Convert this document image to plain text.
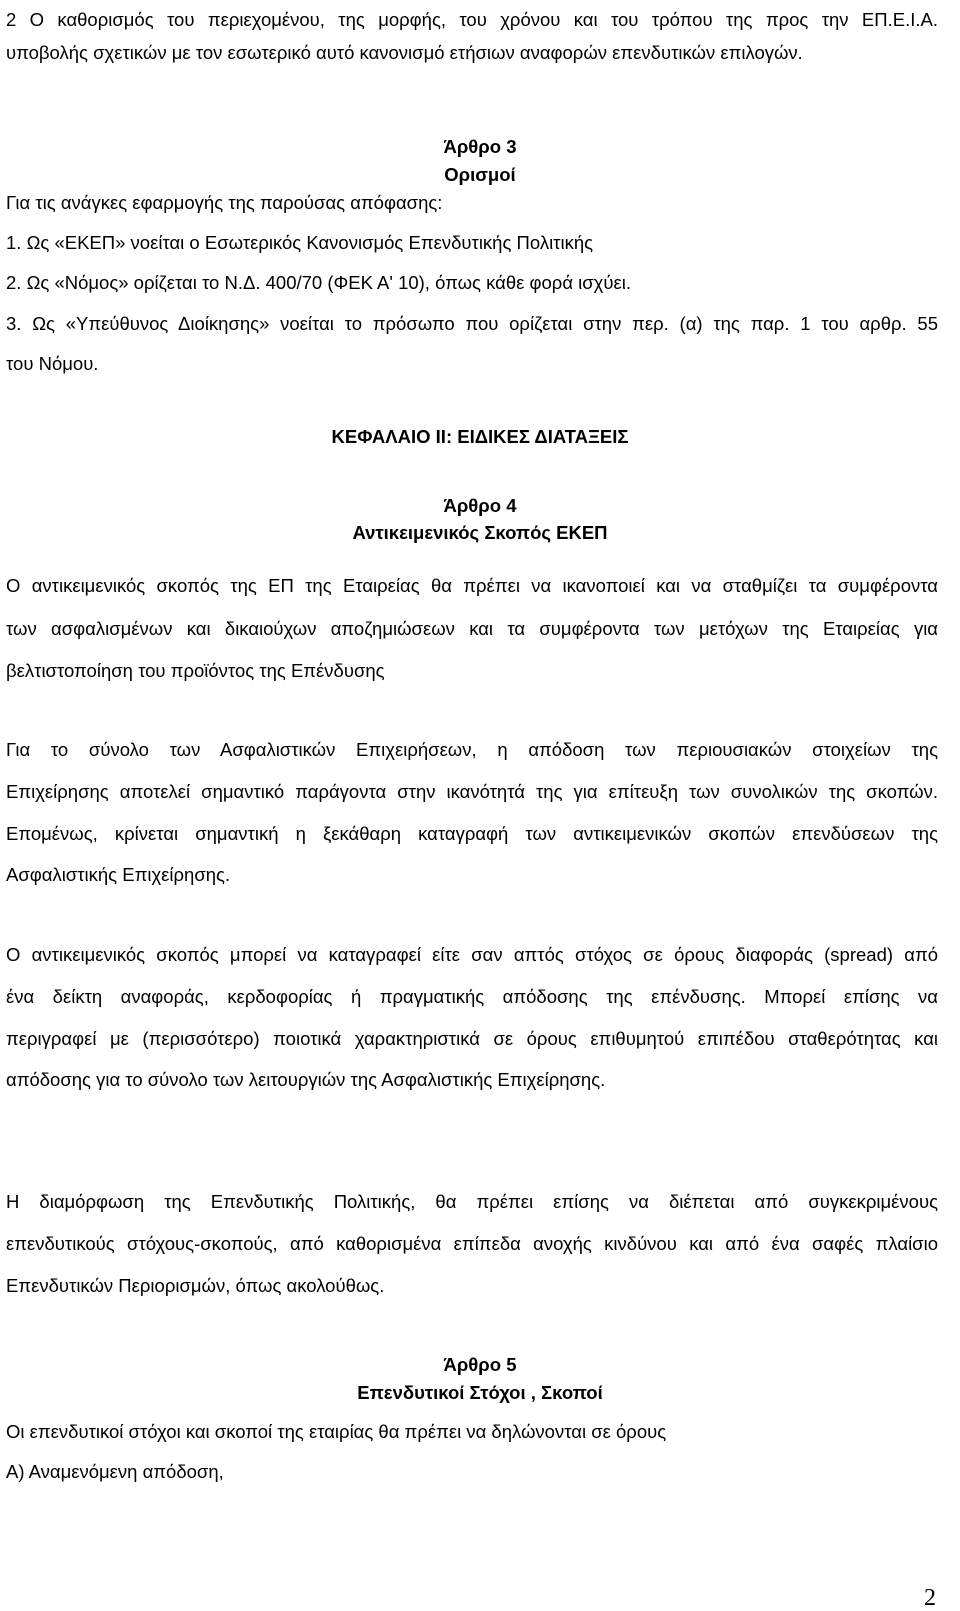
2 Ο καθορισμός του περιεχομένου, της μορφής, του χρόνου και του τρόπου της προς την ΕΠ.Ε.Ι.Α.
υποβολής σχετικών με τον εσωτερικό αυτό κανονισμό ετήσιων αναφορών επενδυτικών επιλογών.
Άρθρο 3
Ορισμοί
Για τις ανάγκες εφαρμογής της παρούσας απόφασης:
1. Ως «ΕΚΕΠ» νοείται ο Εσωτερικός Κανονισμός Επενδυτικής Πολιτικής
2. Ως «Νόμος» ορίζεται το Ν.Δ. 400/70 (ΦΕΚ Α' 10), όπως κάθε φορά ισχύει.
3. Ως «Υπεύθυνος Διοίκησης» νοείται το πρόσωπο που ορίζεται στην περ. (α) της παρ. 1 του αρθρ. 55
του Νόμου.
ΚΕΦΑΛΑΙΟ ΙΙ: ΕΙΔΙΚΕΣ ΔΙΑΤΑΞΕΙΣ
Άρθρο 4
Αντικειμενικός Σκοπός ΕΚΕΠ
Ο αντικειμενικός σκοπός της ΕΠ της Εταιρείας θα πρέπει να ικανοποιεί και να σταθμίζει τα συμφέροντα
των ασφαλισμένων και δικαιούχων αποζημιώσεων και τα συμφέροντα των μετόχων της Εταιρείας για
βελτιστοποίηση του προϊόντος της Επένδυσης
Για το σύνολο των Ασφαλιστικών Επιχειρήσεων, η απόδοση των περιουσιακών στοιχείων της
Επιχείρησης αποτελεί σημαντικό παράγοντα στην ικανότητά της για επίτευξη των συνολικών της σκοπών.
Επομένως, κρίνεται σημαντική η ξεκάθαρη καταγραφή των αντικειμενικών σκοπών επενδύσεων της
Ασφαλιστικής Επιχείρησης.
Ο αντικειμενικός σκοπός μπορεί να καταγραφεί είτε σαν απτός στόχος σε όρους διαφοράς (spread) από
ένα δείκτη αναφοράς, κερδοφορίας ή πραγματικής απόδοσης της επένδυσης. Μπορεί επίσης να
περιγραφεί με (περισσότερο) ποιοτικά χαρακτηριστικά σε όρους επιθυμητού επιπέδου σταθερότητας και
απόδοσης για το σύνολο των λειτουργιών της Ασφαλιστικής Επιχείρησης.
Η διαμόρφωση της Επενδυτικής Πολιτικής, θα πρέπει επίσης να διέπεται από συγκεκριμένους
επενδυτικούς στόχους-σκοπούς, από καθορισμένα επίπεδα ανοχής κινδύνου και από ένα σαφές πλαίσιο
Επενδυτικών Περιορισμών, όπως ακολούθως.
Άρθρο 5
Επενδυτικοί Στόχοι , Σκοποί
Οι επενδυτικοί στόχοι και σκοποί της εταιρίας θα πρέπει να δηλώνονται σε όρους
Α) Αναμενόμενη απόδοση,
2
